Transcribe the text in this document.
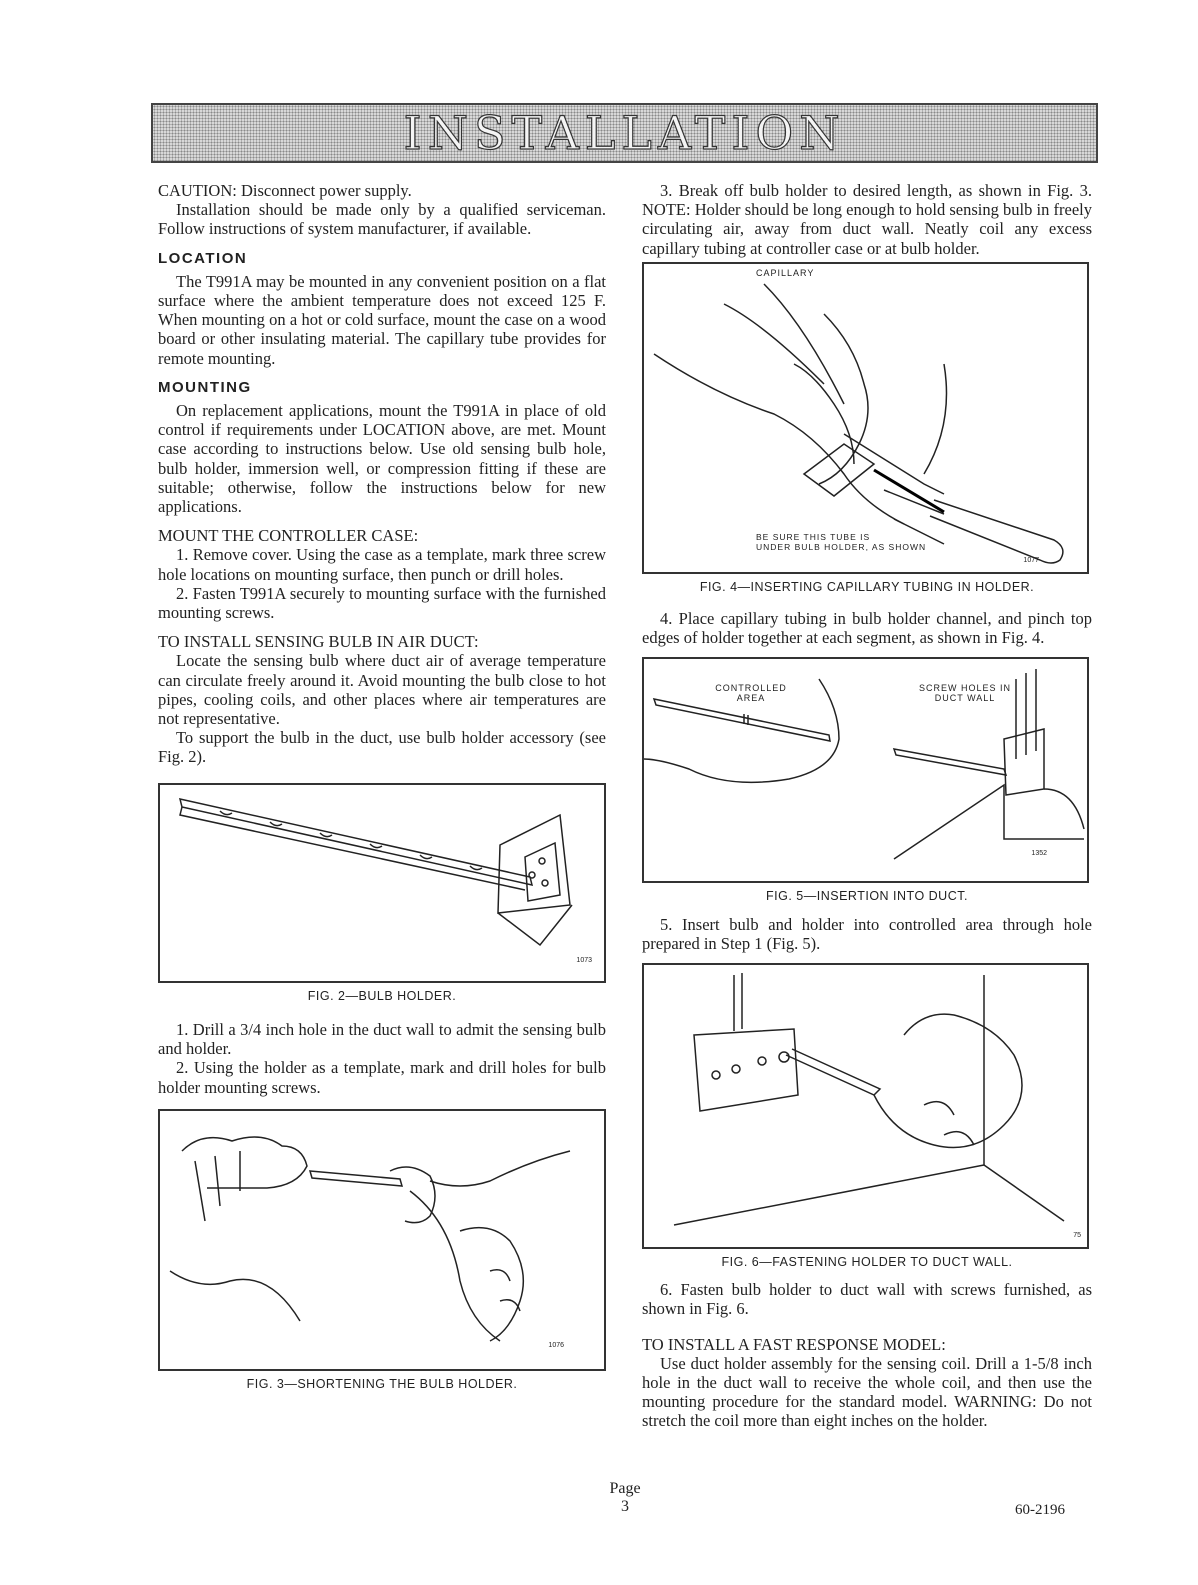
INSTALLATION

CAUTION: Disconnect power supply.

Installation should be made only by a qualified serviceman. Follow instructions of system manufacturer, if available.

LOCATION

The T991A may be mounted in any convenient position on a flat surface where the ambient temperature does not exceed 125 F. When mounting on a hot or cold surface, mount the case on a wood board or other insulating material. The capillary tube provides for remote mounting.

MOUNTING

On replacement applications, mount the T991A in place of old control if requirements under LOCATION above, are met. Mount case according to instructions below. Use old sensing bulb hole, bulb holder, immersion well, or compression fitting if these are suitable; otherwise, follow the instructions below for new applications.

MOUNT THE CONTROLLER CASE:

1. Remove cover. Using the case as a template, mark three screw hole locations on mounting surface, then punch or drill holes.

2. Fasten T991A securely to mounting surface with the furnished mounting screws.

TO INSTALL SENSING BULB IN AIR DUCT:

Locate the sensing bulb where duct air of average temperature can circulate freely around it. Avoid mounting the bulb close to hot pipes, cooling coils, and other places where air temperatures are not representative.

To support the bulb in the duct, use bulb holder accessory (see Fig. 2).

1073
FIG. 2—BULB HOLDER.

1. Drill a 3/4 inch hole in the duct wall to admit the sensing bulb and holder.

2. Using the holder as a template, mark and drill holes for bulb holder mounting screws.

1076
FIG. 3—SHORTENING THE BULB HOLDER.

3. Break off bulb holder to desired length, as shown in Fig. 3. NOTE: Holder should be long enough to hold sensing bulb in freely circulating air, away from duct wall. Neatly coil any excess capillary tubing at controller case or at bulb holder.

CAPILLARY
BE SURE THIS TUBE IS
UNDER BULB HOLDER, AS SHOWN
1077
FIG. 4—INSERTING CAPILLARY TUBING IN HOLDER.

4. Place capillary tubing in bulb holder channel, and pinch top edges of holder together at each segment, as shown in Fig. 4.

CONTROLLED
AREA
SCREW HOLES IN
DUCT WALL
1352
FIG. 5—INSERTION INTO DUCT.

5. Insert bulb and holder into controlled area through hole prepared in Step 1 (Fig. 5).

75
FIG. 6—FASTENING HOLDER TO DUCT WALL.

6. Fasten bulb holder to duct wall with screws furnished, as shown in Fig. 6.

TO INSTALL A FAST RESPONSE MODEL:

Use duct holder assembly for the sensing coil. Drill a 1-5/8 inch hole in the duct wall to receive the whole coil, and then use the mounting procedure for the standard model. WARNING: Do not stretch the coil more than eight inches on the holder.

Page
3	60-2196
